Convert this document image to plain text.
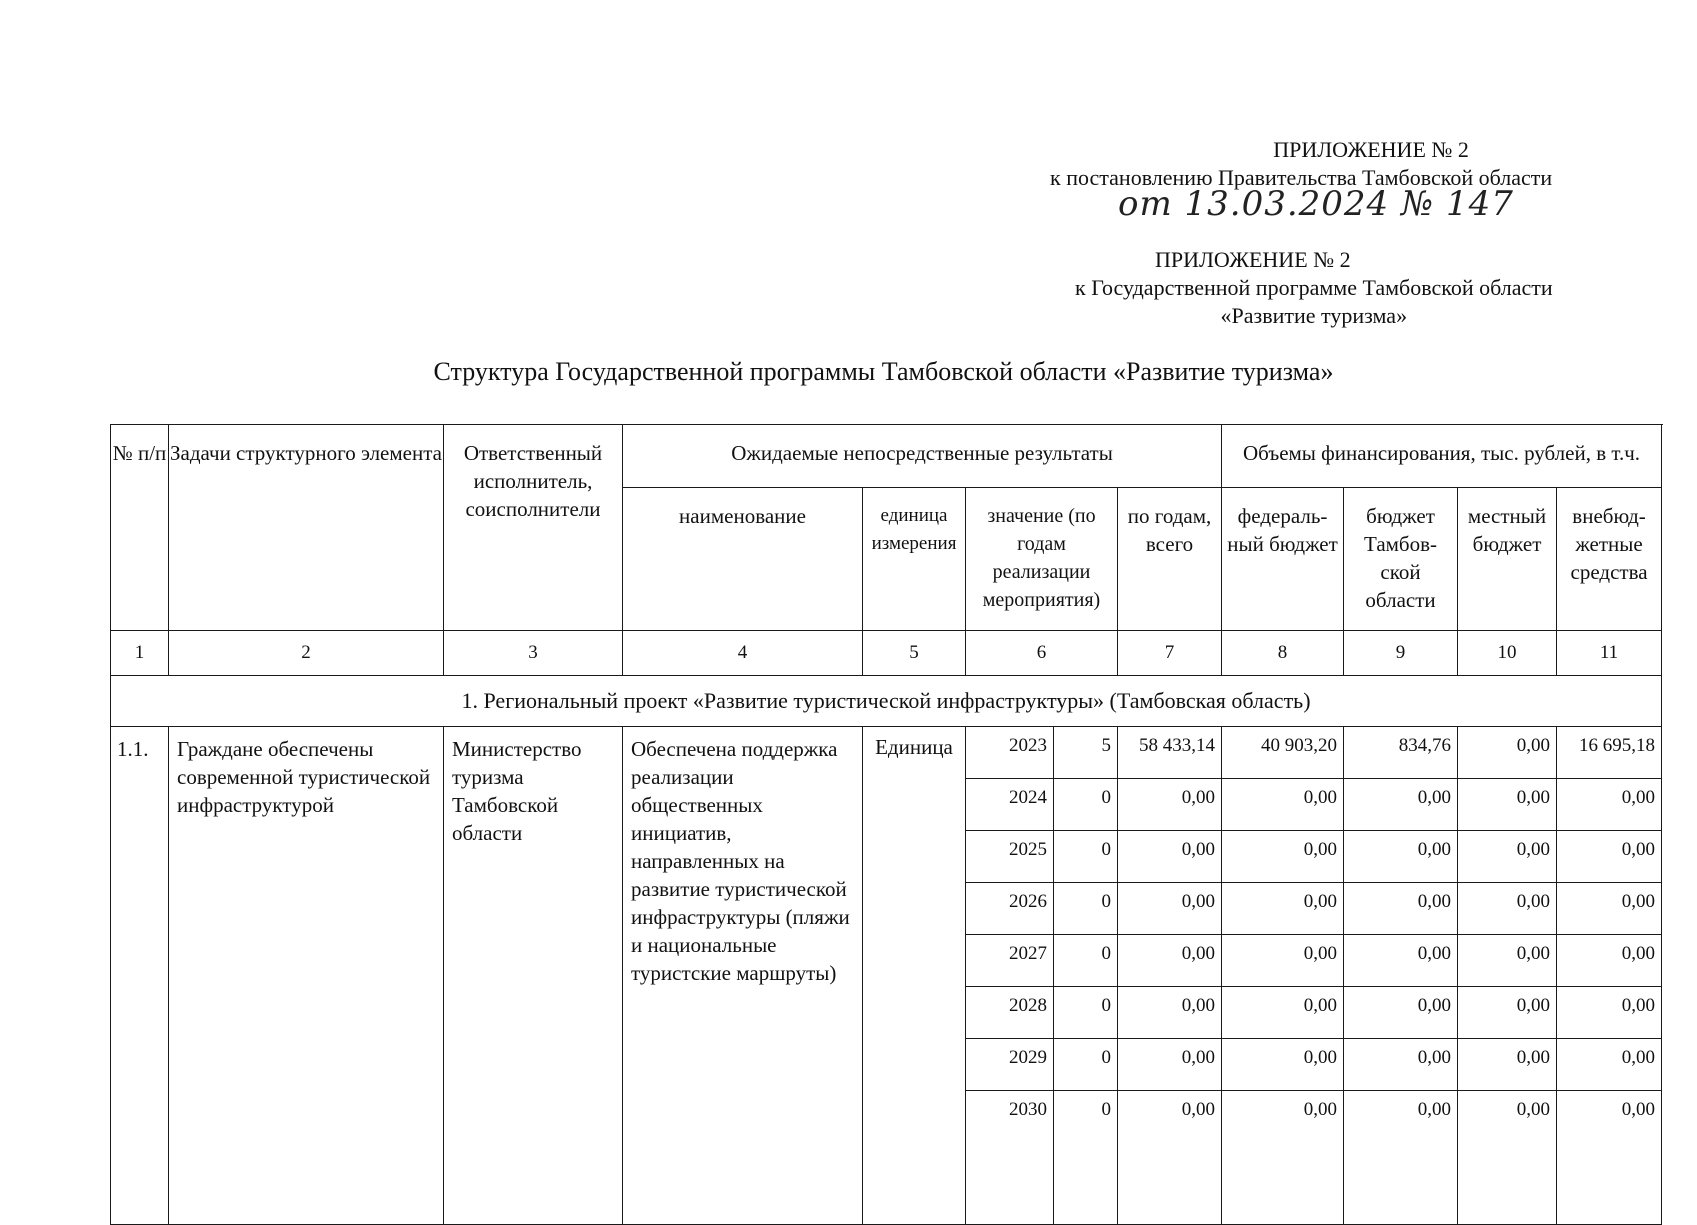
ПРИЛОЖЕНИЕ № 2
к постановлению Правительства Тамбовской области
от 13.03.2024 № 147
ПРИЛОЖЕНИЕ № 2
к Государственной программе Тамбовской области
«Развитие туризма»
Структура Государственной программы Тамбовской области «Развитие туризма»
№ п/п	Задачи структурного элемента	Ответственный исполнитель, соисполнители	Ожидаемые непосредственные результаты					Объемы финансирования, тыс. рублей, в т.ч.			
			наименование	единица измерения	значение (по годам реализации мероприятия)		по годам, всего	федераль- ный бюджет	бюджет Тамбов- ской области	местный бюджет	внебюд- жетные средства
1	2	3	4	5	6		7	8	9	10	11
1. Региональный проект «Развитие туристической инфраструктуры» (Тамбовская область)											
1.1.	Граждане обеспечены современной туристической инфраструктурой	Министерство туризма Тамбовской области	Обеспечена поддержка реализации общественных инициатив, направленных на развитие туристической инфраструктуры (пляжи и национальные туристские маршруты)	Единица	2023	5	58 433,14	40 903,20	834,76	0,00	16 695,18
					2024	0	0,00	0,00	0,00	0,00	0,00
					2025	0	0,00	0,00	0,00	0,00	0,00
					2026	0	0,00	0,00	0,00	0,00	0,00
					2027	0	0,00	0,00	0,00	0,00	0,00
					2028	0	0,00	0,00	0,00	0,00	0,00
					2029	0	0,00	0,00	0,00	0,00	0,00
					2030	0	0,00	0,00	0,00	0,00	0,00
